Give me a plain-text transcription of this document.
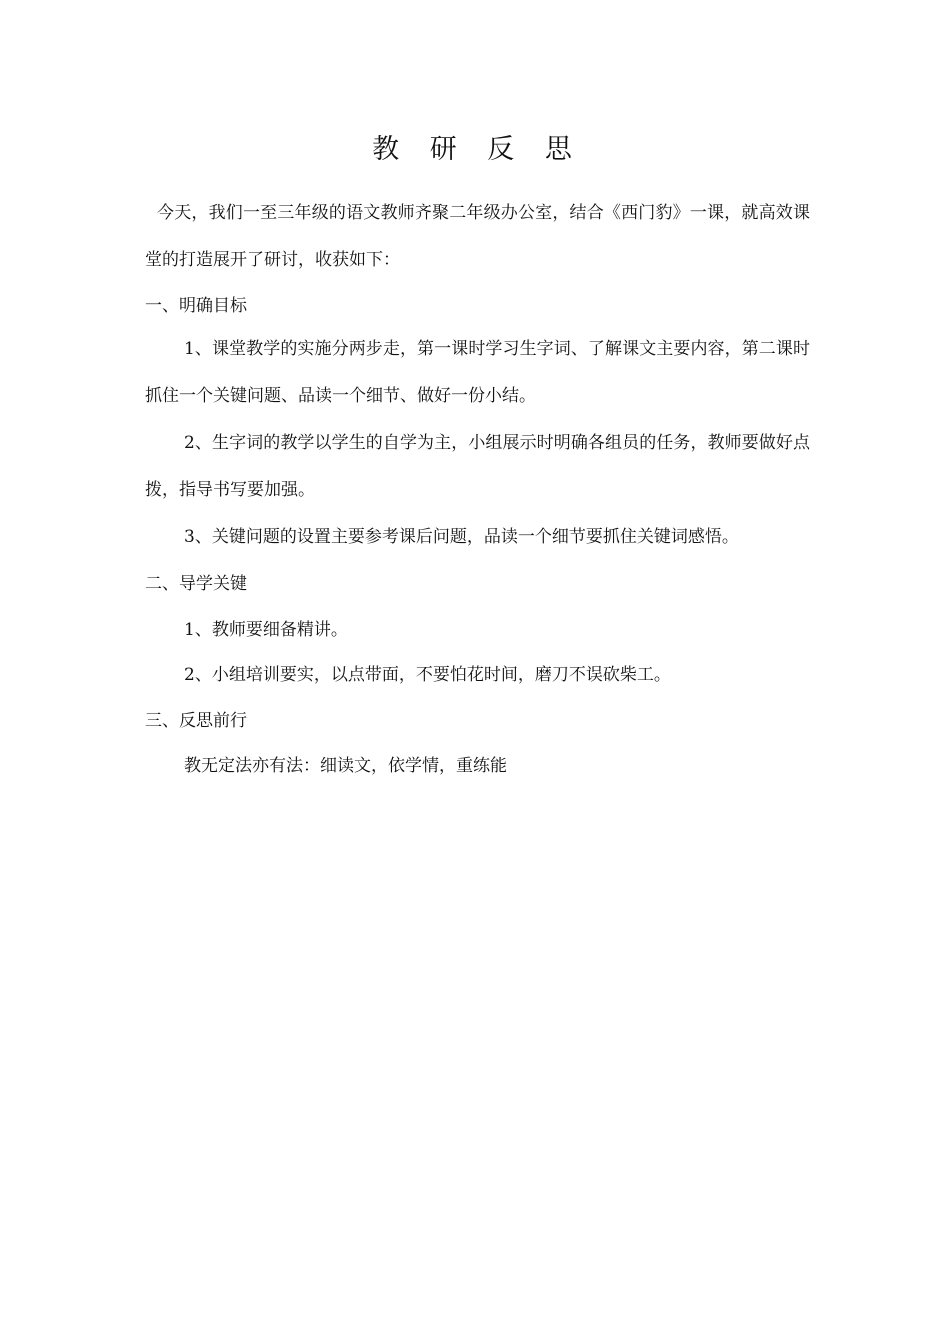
教 研 反 思
今天，我们一至三年级的语文教师齐聚二年级办公室，结合《西门豹》一课，就高效课堂的打造展开了研讨，收获如下：
一、明确目标
1、课堂教学的实施分两步走，第一课时学习生字词、了解课文主要内容，第二课时抓住一个关键问题、品读一个细节、做好一份小结。
2、生字词的教学以学生的自学为主，小组展示时明确各组员的任务，教师要做好点拨，指导书写要加强。
3、关键问题的设置主要参考课后问题，品读一个细节要抓住关键词感悟。
二、导学关键
1、教师要细备精讲。
2、小组培训要实，以点带面，不要怕花时间，磨刀不误砍柴工。
三、反思前行
教无定法亦有法：细读文，依学情，重练能
